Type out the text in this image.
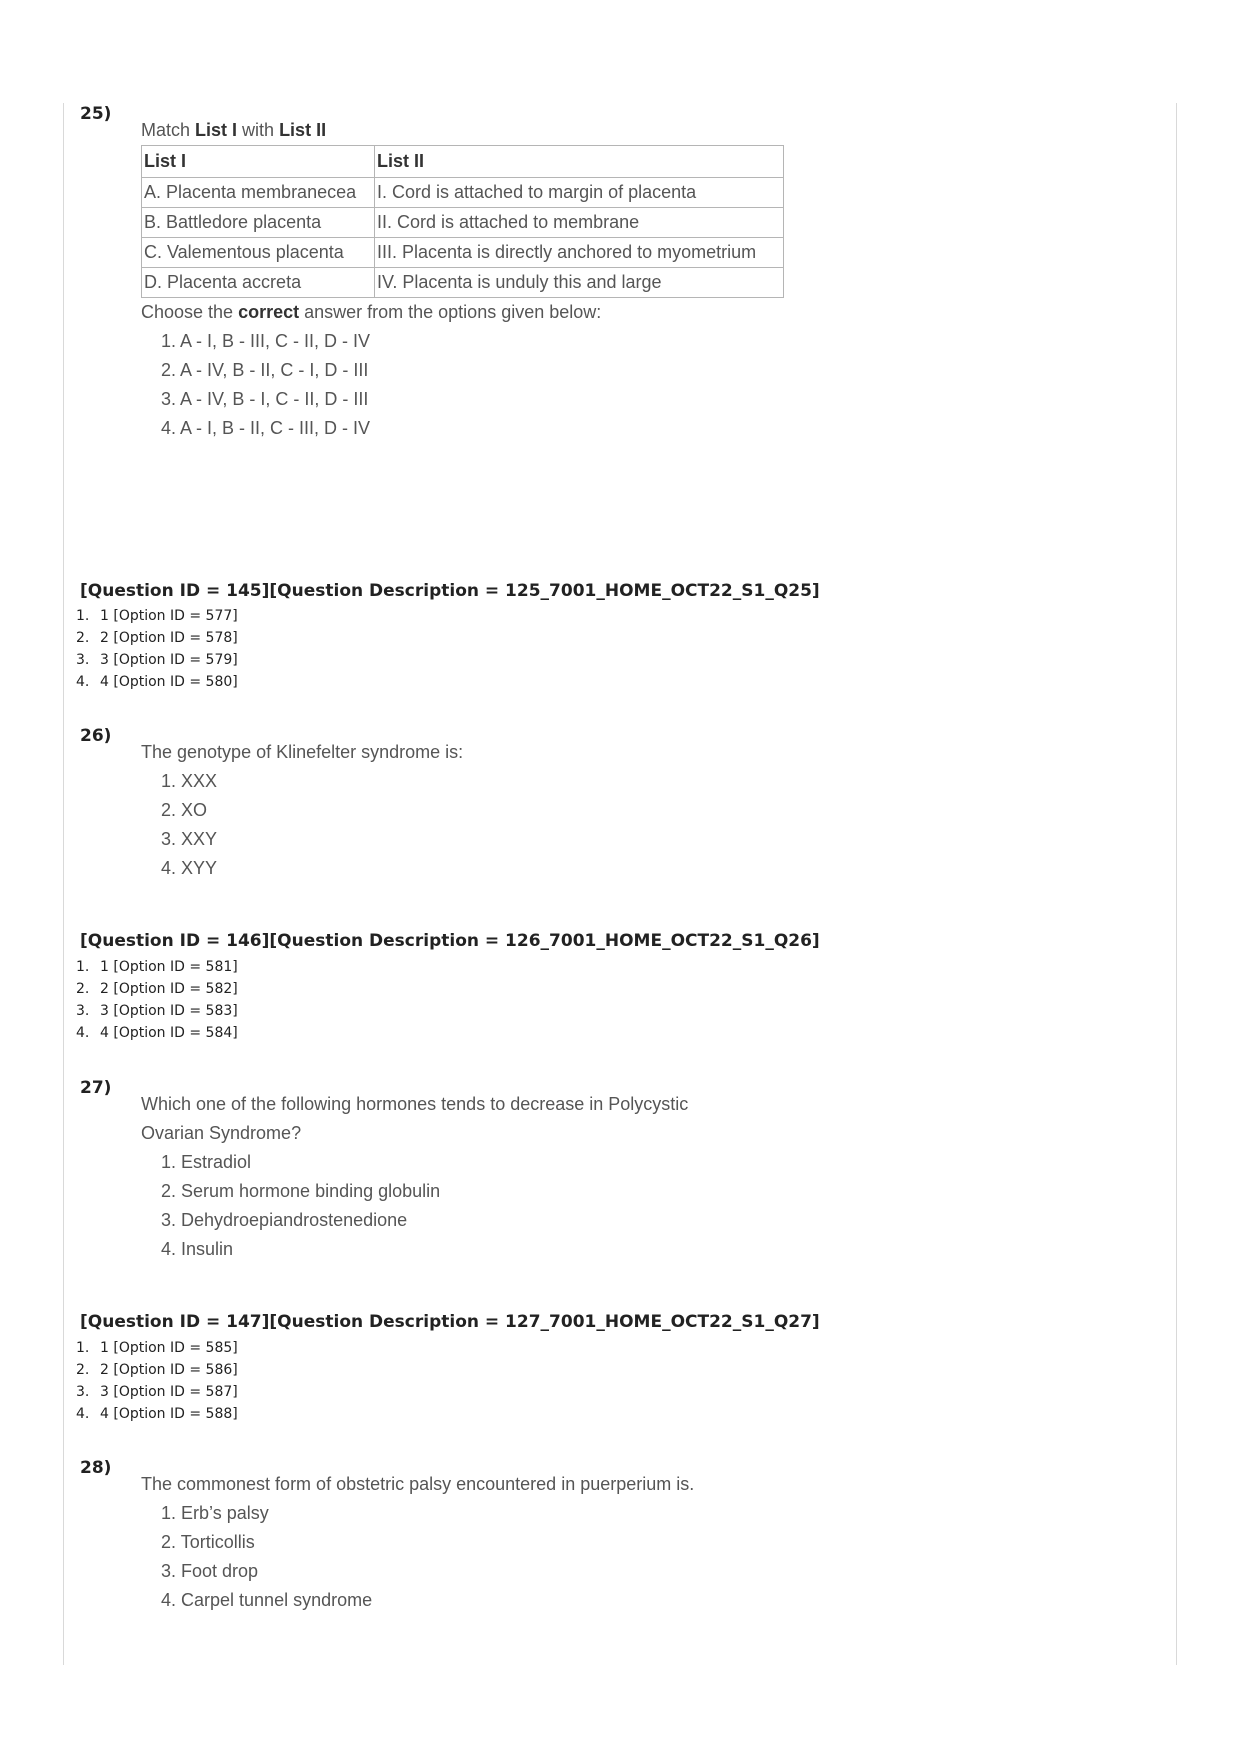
25)
Match List I with List II
List I	List II
A. Placenta membranecea	I. Cord is attached to margin of placenta
B. Battledore placenta	II. Cord is attached to membrane
C. Valementous placenta	III. Placenta is directly anchored to myometrium
D. Placenta accreta	IV. Placenta is unduly this and large
Choose the correct answer from the options given below:
1. A - I, B - III, C - II, D - IV
2. A - IV, B - II, C - I, D - III
3. A - IV, B - I, C - II, D - III
4. A - I, B - II, C - III, D - IV
[Question ID = 145][Question Description = 125_7001_HOME_OCT22_S1_Q25]
1. 1 [Option ID = 577]
2. 2 [Option ID = 578]
3. 3 [Option ID = 579]
4. 4 [Option ID = 580]
26)
The genotype of Klinefelter syndrome is:
1. XXX
2. XO
3. XXY
4. XYY
[Question ID = 146][Question Description = 126_7001_HOME_OCT22_S1_Q26]
1. 1 [Option ID = 581]
2. 2 [Option ID = 582]
3. 3 [Option ID = 583]
4. 4 [Option ID = 584]
27)
Which one of the following hormones tends to decrease in Polycystic
Ovarian Syndrome?
1. Estradiol
2. Serum hormone binding globulin
3. Dehydroepiandrostenedione
4. Insulin
[Question ID = 147][Question Description = 127_7001_HOME_OCT22_S1_Q27]
1. 1 [Option ID = 585]
2. 2 [Option ID = 586]
3. 3 [Option ID = 587]
4. 4 [Option ID = 588]
28)
The commonest form of obstetric palsy encountered in puerperium is.
1. Erb’s palsy
2. Torticollis
3. Foot drop
4. Carpel tunnel syndrome
